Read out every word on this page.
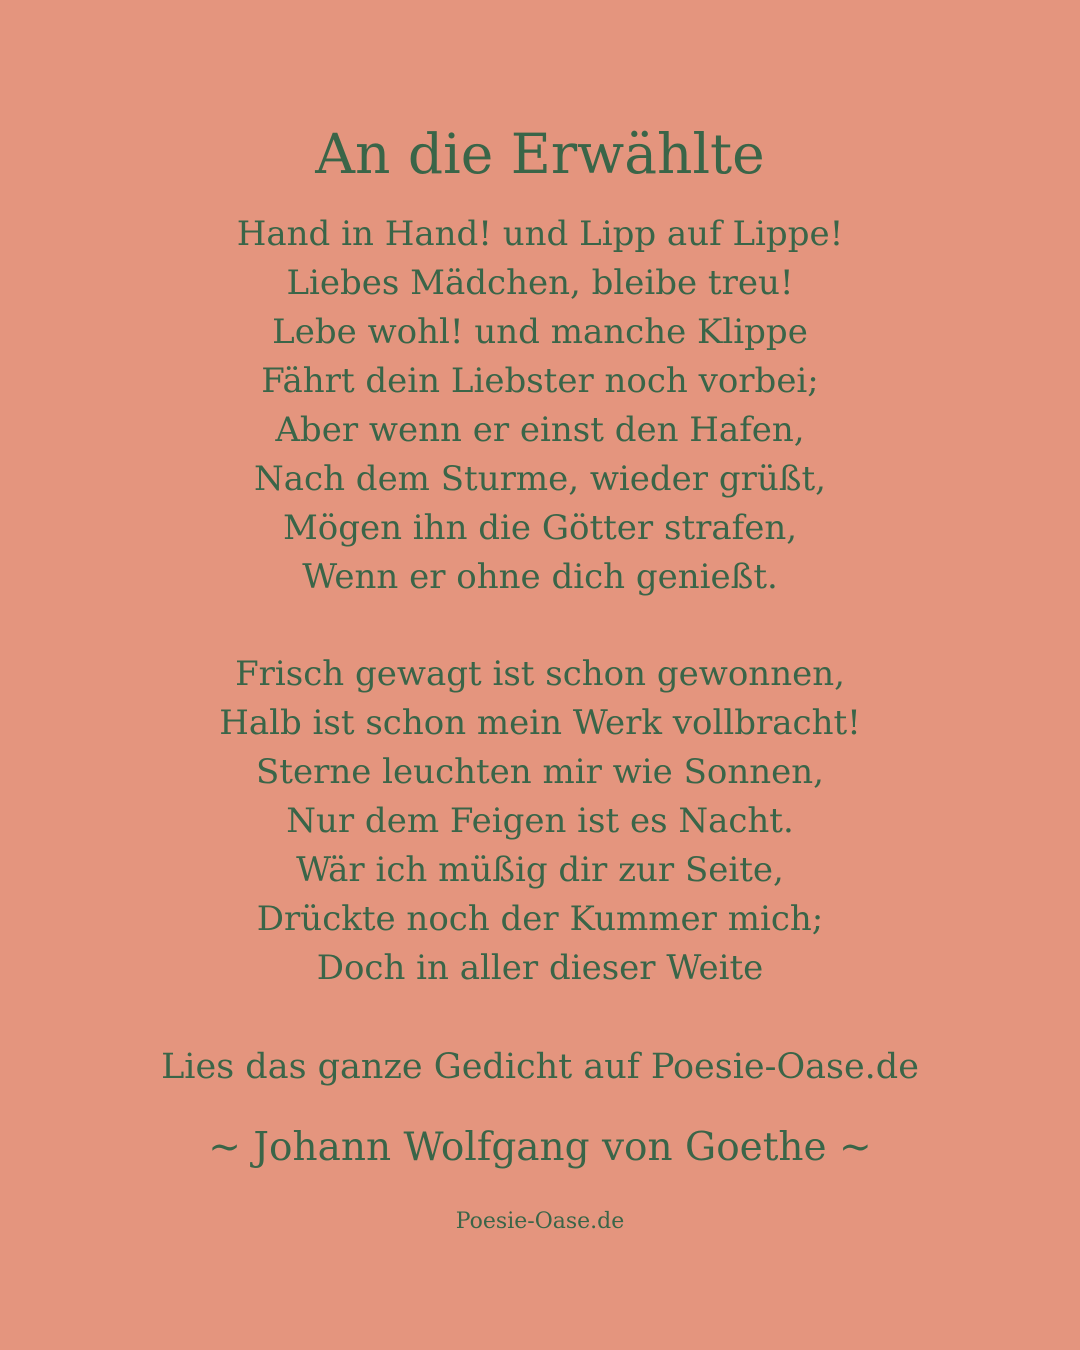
An die Erwählte
Hand in Hand! und Lipp auf Lippe!
Liebes Mädchen, bleibe treu!
Lebe wohl! und manche Klippe
Fährt dein Liebster noch vorbei;
Aber wenn er einst den Hafen,
Nach dem Sturme, wieder grüßt,
Mögen ihn die Götter strafen,
Wenn er ohne dich genießt.
Frisch gewagt ist schon gewonnen,
Halb ist schon mein Werk vollbracht!
Sterne leuchten mir wie Sonnen,
Nur dem Feigen ist es Nacht.
Wär ich müßig dir zur Seite,
Drückte noch der Kummer mich;
Doch in aller dieser Weite
Lies das ganze Gedicht auf Poesie-Oase.de
~ Johann Wolfgang von Goethe ~
Poesie-Oase.de
